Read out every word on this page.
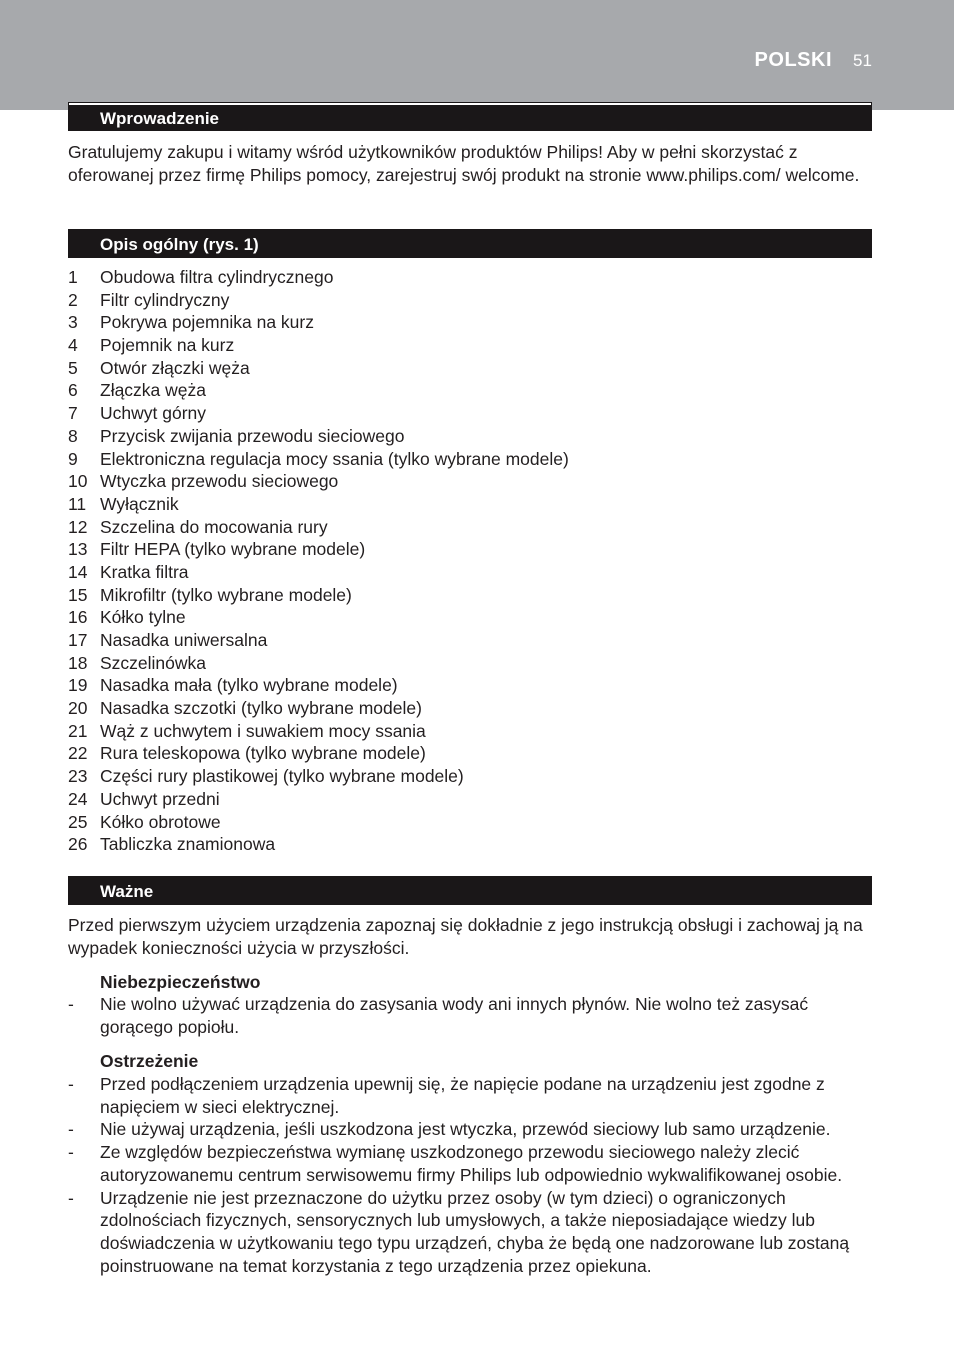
POLSKI 51
Wprowadzenie
Gratulujemy zakupu i witamy wśród użytkowników produktów Philips! Aby w pełni skorzystać z oferowanej przez firmę Philips pomocy, zarejestruj swój produkt na stronie www.philips.com/ welcome.
Opis ogólny (rys. 1)
1	Obudowa filtra cylindrycznego
2	Filtr cylindryczny
3	Pokrywa pojemnika na kurz
4	Pojemnik na kurz
5	Otwór złączki węża
6	Złączka węża
7	Uchwyt górny
8	Przycisk zwijania przewodu sieciowego
9	Elektroniczna regulacja mocy ssania (tylko wybrane modele)
10 Wtyczka przewodu sieciowego
11 Wyłącznik
12 Szczelina do mocowania rury
13 Filtr HEPA (tylko wybrane modele)
14 Kratka filtra
15 Mikrofiltr (tylko wybrane modele)
16 Kółko tylne
17 Nasadka uniwersalna
18 Szczelinówka
19 Nasadka mała (tylko wybrane modele)
20 Nasadka szczotki (tylko wybrane modele)
21 Wąż z uchwytem i suwakiem mocy ssania
22 Rura teleskopowa (tylko wybrane modele)
23 Części rury plastikowej (tylko wybrane modele)
24 Uchwyt przedni
25 Kółko obrotowe
26 Tabliczka znamionowa
Ważne
Przed pierwszym użyciem urządzenia zapoznaj się dokładnie z jego instrukcją obsługi i zachowaj ją na wypadek konieczności użycia w przyszłości.
Niebezpieczeństwo
- Nie wolno używać urządzenia do zasysania wody ani innych płynów. Nie wolno też zasysać gorącego popiołu.
Ostrzeżenie
- Przed podłączeniem urządzenia upewnij się, że napięcie podane na urządzeniu jest zgodne z napięciem w sieci elektrycznej.
- Nie używaj urządzenia, jeśli uszkodzona jest wtyczka, przewód sieciowy lub samo urządzenie.
- Ze względów bezpieczeństwa wymianę uszkodzonego przewodu sieciowego należy zlecić autoryzowanemu centrum serwisowemu firmy Philips lub odpowiednio wykwalifikowanej osobie.
- Urządzenie nie jest przeznaczone do użytku przez osoby (w tym dzieci) o ograniczonych zdolnościach fizycznych, sensorycznych lub umysłowych, a także nieposiadające wiedzy lub doświadczenia w użytkowaniu tego typu urządzeń, chyba że będą one nadzorowane lub zostaną poinstruowane na temat korzystania z tego urządzenia przez opiekuna.
